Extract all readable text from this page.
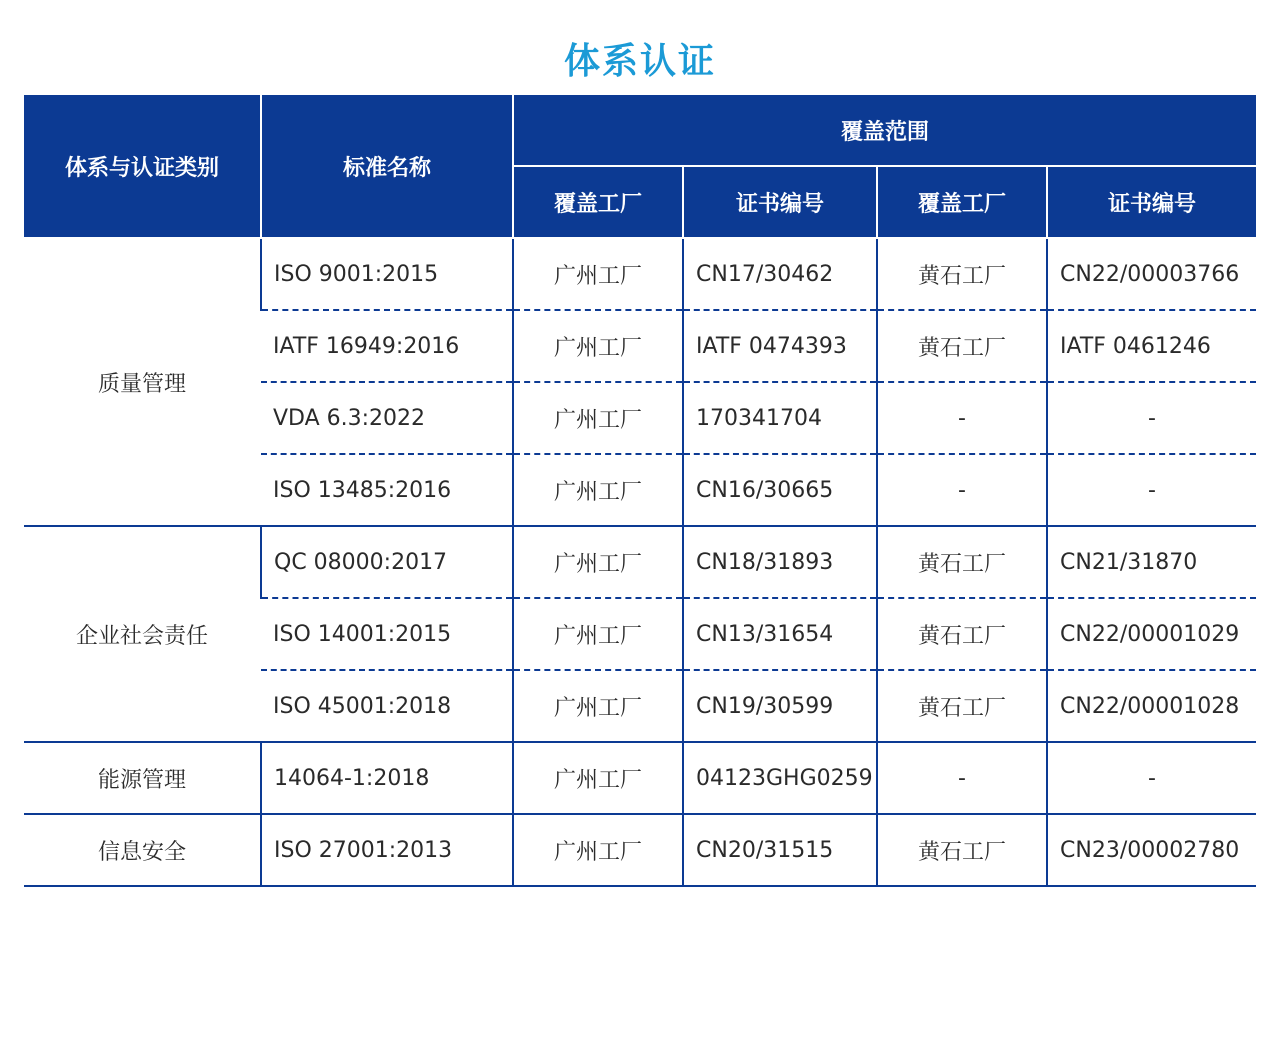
体系认证
体系与认证类别	标准名称	覆盖范围			
		覆盖工厂	证书编号	覆盖工厂	证书编号
质量管理	ISO 9001:2015	广州工厂	CN17/30462	黄石工厂	CN22/00003766
	IATF 16949:2016	广州工厂	IATF 0474393	黄石工厂	IATF 0461246
	VDA 6.3:2022	广州工厂	170341704	-	-
	ISO 13485:2016	广州工厂	CN16/30665	-	-
企业社会责任	QC 08000:2017	广州工厂	CN18/31893	黄石工厂	CN21/31870
	ISO 14001:2015	广州工厂	CN13/31654	黄石工厂	CN22/00001029
	ISO 45001:2018	广州工厂	CN19/30599	黄石工厂	CN22/00001028
能源管理	14064-1:2018	广州工厂	04123GHG0259	-	-
信息安全	ISO 27001:2013	广州工厂	CN20/31515	黄石工厂	CN23/00002780
